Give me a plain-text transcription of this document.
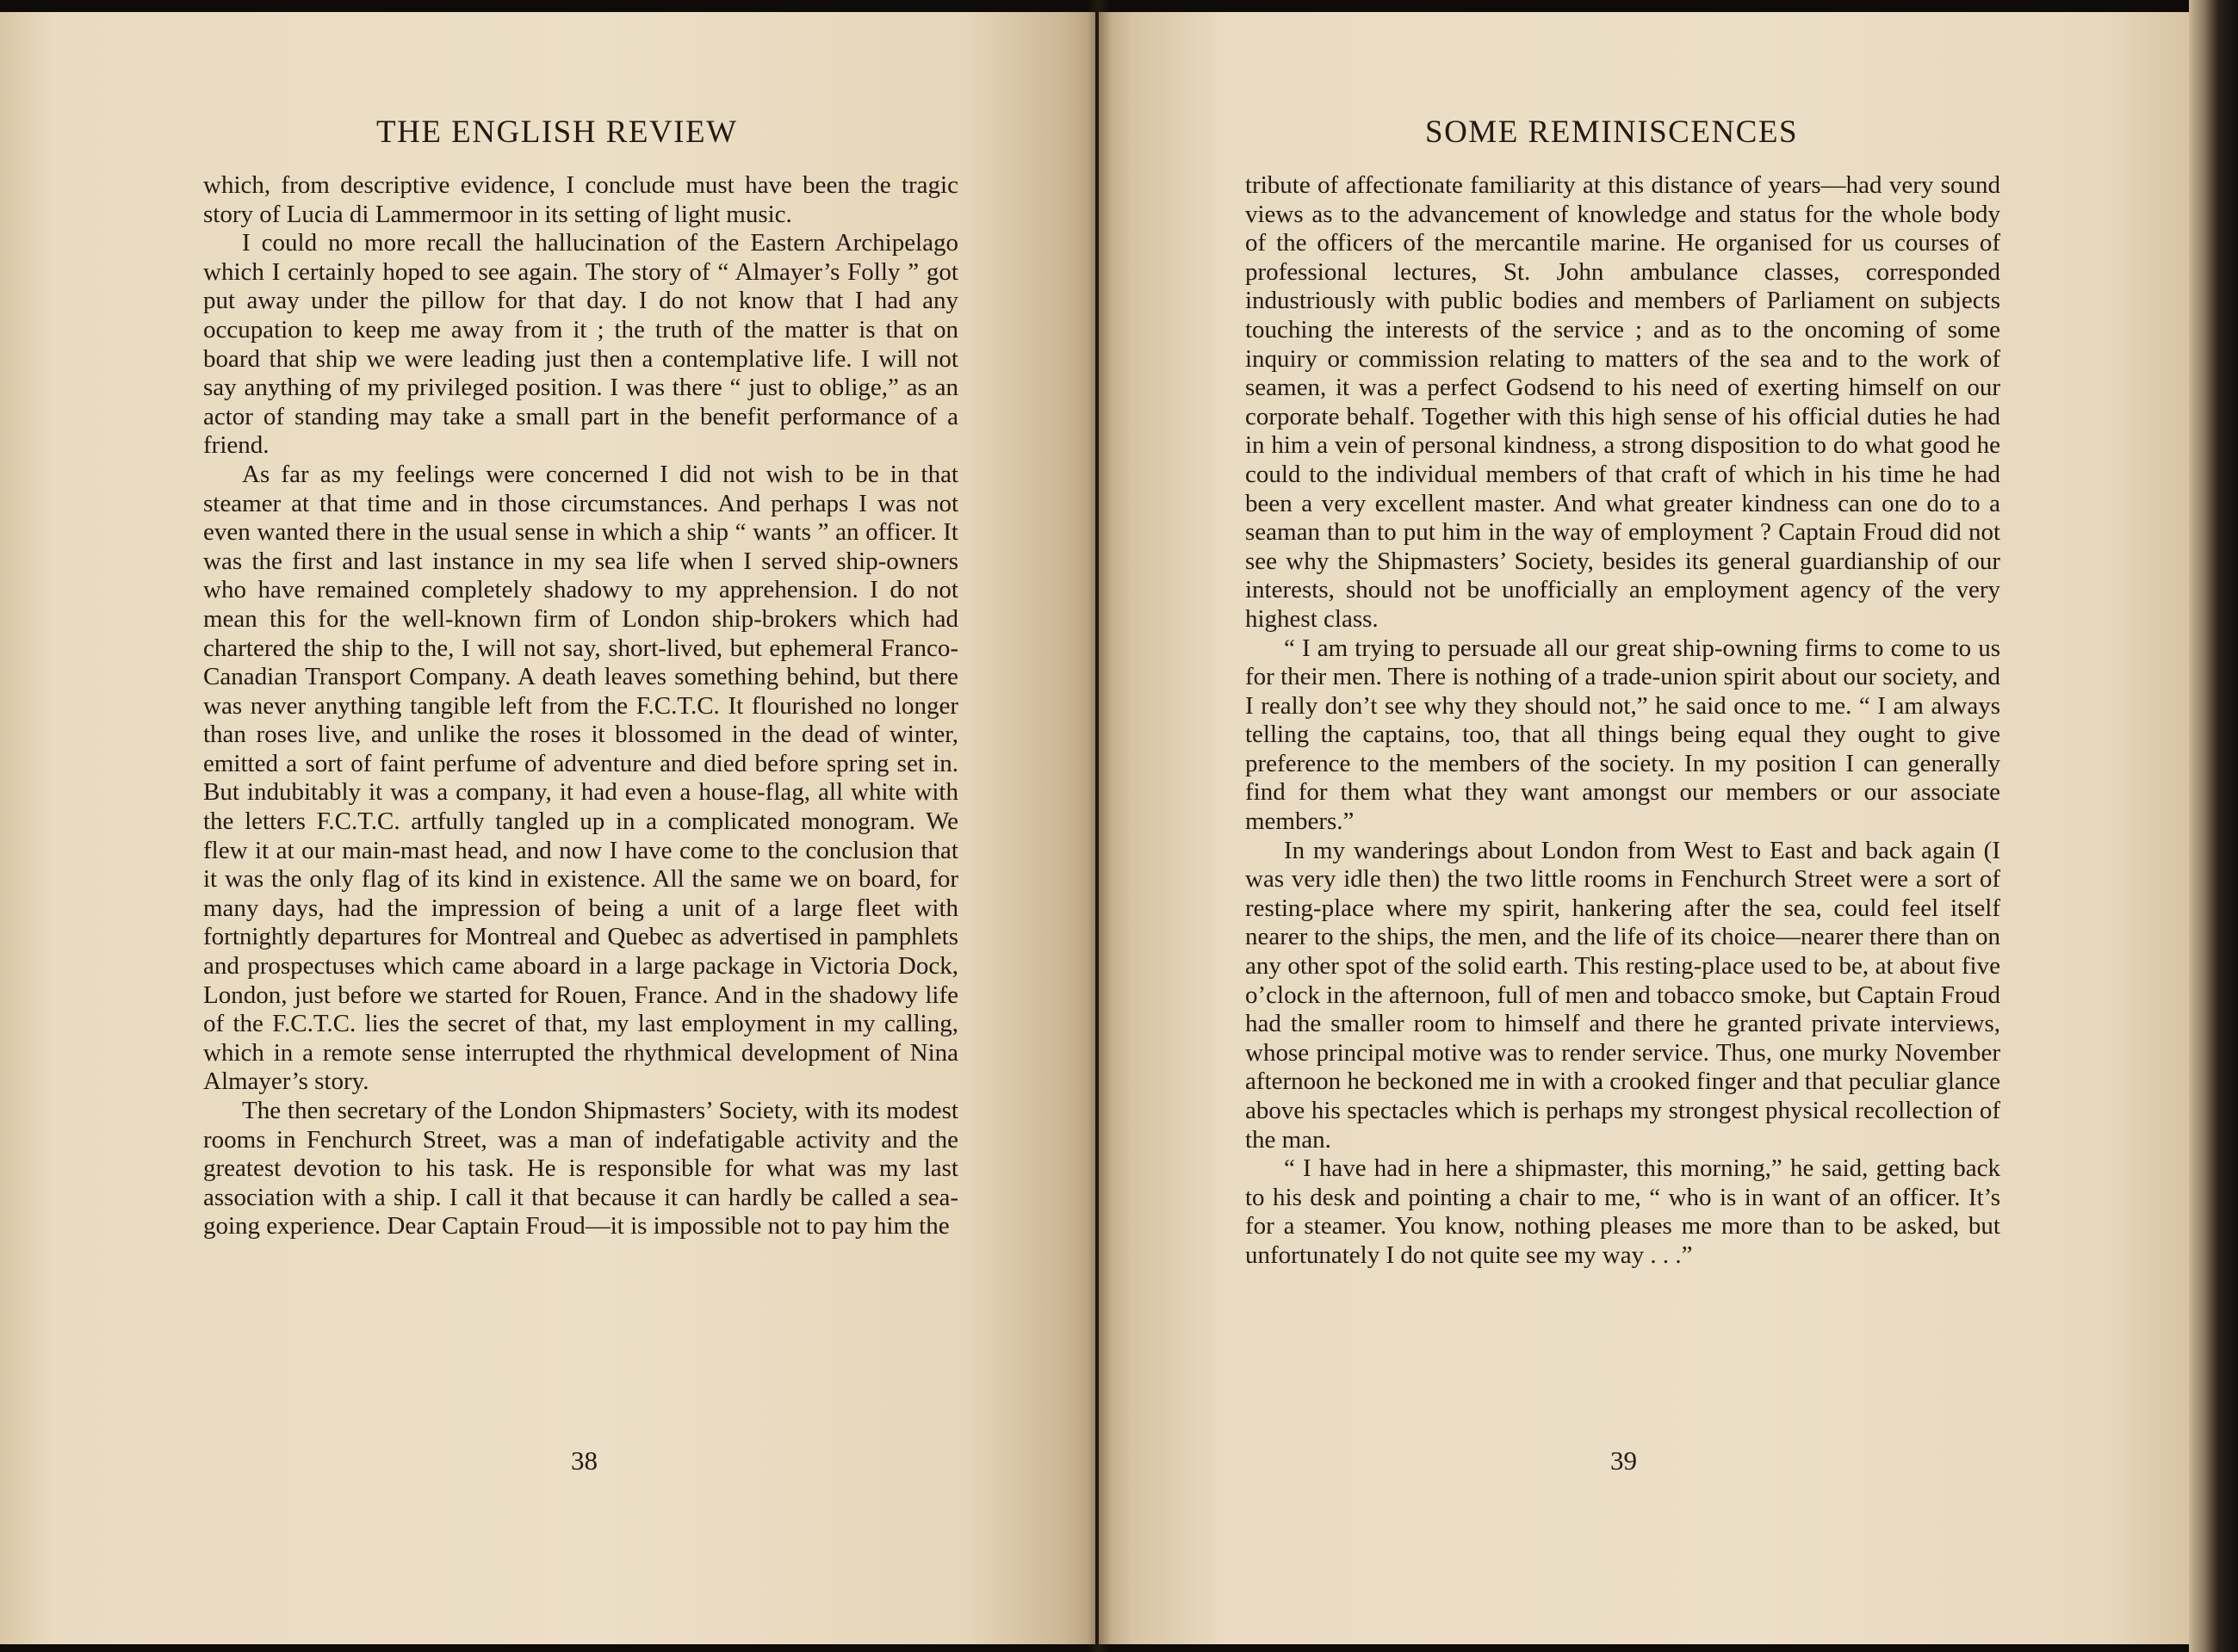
THE ENGLISH REVIEW

which, from descriptive evidence, I conclude must have been the tragic story of Lucia di Lammermoor in its setting of light music.

I could no more recall the hallucination of the Eastern Archipelago which I certainly hoped to see again. The story of “ Almayer’s Folly ” got put away under the pillow for that day. I do not know that I had any occupation to keep me away from it ; the truth of the matter is that on board that ship we were leading just then a contemplative life. I will not say anything of my privileged position. I was there “ just to oblige,” as an actor of standing may take a small part in the benefit performance of a friend.

As far as my feelings were concerned I did not wish to be in that steamer at that time and in those circumstances. And perhaps I was not even wanted there in the usual sense in which a ship “ wants ” an officer. It was the first and last instance in my sea life when I served ship-owners who have remained completely shadowy to my apprehension. I do not mean this for the well-known firm of London ship-brokers which had chartered the ship to the, I will not say, short-lived, but ephemeral Franco-Canadian Transport Company. A death leaves something behind, but there was never anything tangible left from the F.C.T.C. It flourished no longer than roses live, and unlike the roses it blossomed in the dead of winter, emitted a sort of faint perfume of adventure and died before spring set in. But indubitably it was a company, it had even a house-flag, all white with the letters F.C.T.C. artfully tangled up in a complicated monogram. We flew it at our main-mast head, and now I have come to the conclusion that it was the only flag of its kind in existence. All the same we on board, for many days, had the impression of being a unit of a large fleet with fortnightly departures for Montreal and Quebec as advertised in pamphlets and prospectuses which came aboard in a large package in Victoria Dock, London, just before we started for Rouen, France. And in the shadowy life of the F.C.T.C. lies the secret of that, my last employment in my calling, which in a remote sense interrupted the rhythmical development of Nina Almayer’s story.

The then secretary of the London Shipmasters’ Society, with its modest rooms in Fenchurch Street, was a man of indefatigable activity and the greatest devotion to his task. He is responsible for what was my last association with a ship. I call it that because it can hardly be called a sea-going experience. Dear Captain Froud—it is impossible not to pay him the

38
SOME REMINISCENCES

tribute of affectionate familiarity at this distance of years—had very sound views as to the advancement of knowledge and status for the whole body of the officers of the mercantile marine. He organised for us courses of professional lectures, St. John ambulance classes, corresponded industriously with public bodies and members of Parliament on subjects touching the interests of the service ; and as to the oncoming of some inquiry or commission relating to matters of the sea and to the work of seamen, it was a perfect Godsend to his need of exerting himself on our corporate behalf. Together with this high sense of his official duties he had in him a vein of personal kindness, a strong disposition to do what good he could to the individual members of that craft of which in his time he had been a very excellent master. And what greater kindness can one do to a seaman than to put him in the way of employment ? Captain Froud did not see why the Shipmasters’ Society, besides its general guardianship of our interests, should not be unofficially an employment agency of the very highest class.

“ I am trying to persuade all our great ship-owning firms to come to us for their men. There is nothing of a trade-union spirit about our society, and I really don’t see why they should not,” he said once to me. “ I am always telling the captains, too, that all things being equal they ought to give preference to the members of the society. In my position I can generally find for them what they want amongst our members or our associate members.”

In my wanderings about London from West to East and back again (I was very idle then) the two little rooms in Fenchurch Street were a sort of resting-place where my spirit, hankering after the sea, could feel itself nearer to the ships, the men, and the life of its choice—nearer there than on any other spot of the solid earth. This resting-place used to be, at about five o’clock in the afternoon, full of men and tobacco smoke, but Captain Froud had the smaller room to himself and there he granted private interviews, whose principal motive was to render service. Thus, one murky November afternoon he beckoned me in with a crooked finger and that peculiar glance above his spectacles which is perhaps my strongest physical recollection of the man.

“ I have had in here a shipmaster, this morning,” he said, getting back to his desk and pointing a chair to me, “ who is in want of an officer. It’s for a steamer. You know, nothing pleases me more than to be asked, but unfortunately I do not quite see my way . . .”

39
